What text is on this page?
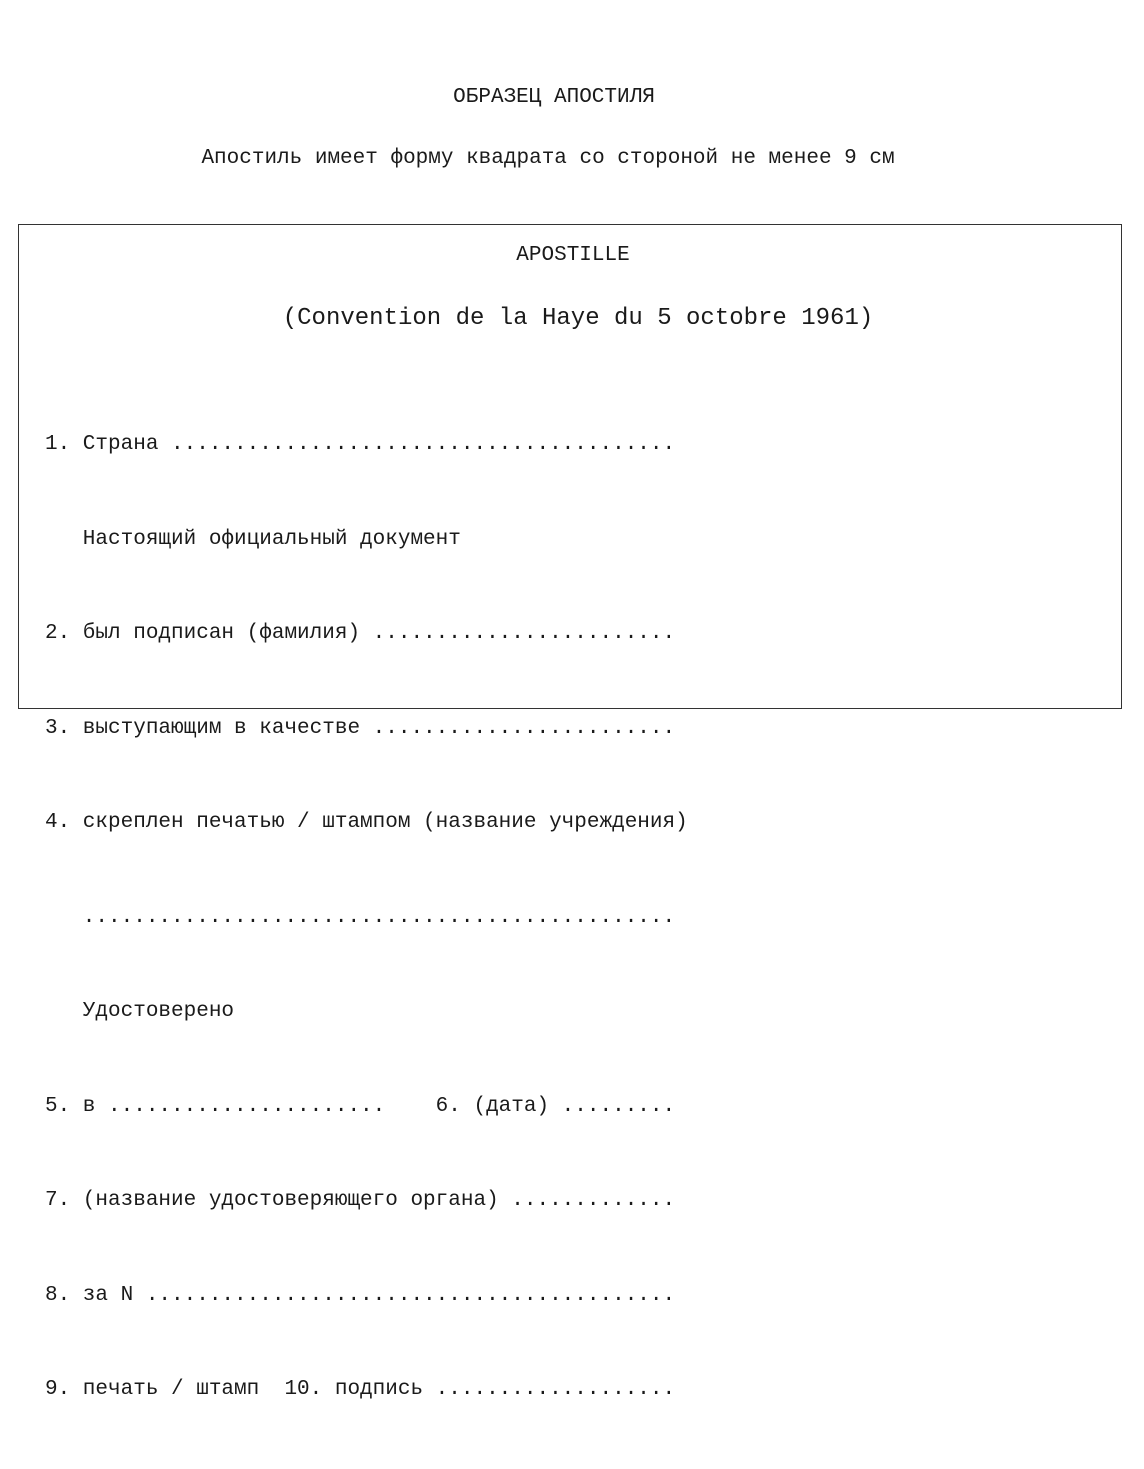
ОБРАЗЕЦ АПОСТИЛЯ
Апостиль имеет форму квадрата со стороной не менее 9 см
APOSTILLE
(Convention de la Haye du 5 octobre 1961)

1. Страна ........................................

Настоящий официальный документ

2. был подписан (фамилия) ........................

3. выступающим в качестве ........................

4. скреплен печатью / штампом (название учреждения)

...............................................

Удостоверено

5. в ......................    6. (дата) .........

7. (название удостоверяющего органа) .............

8. за N ..........................................

9. печать / штамп  10. подпись ...................
